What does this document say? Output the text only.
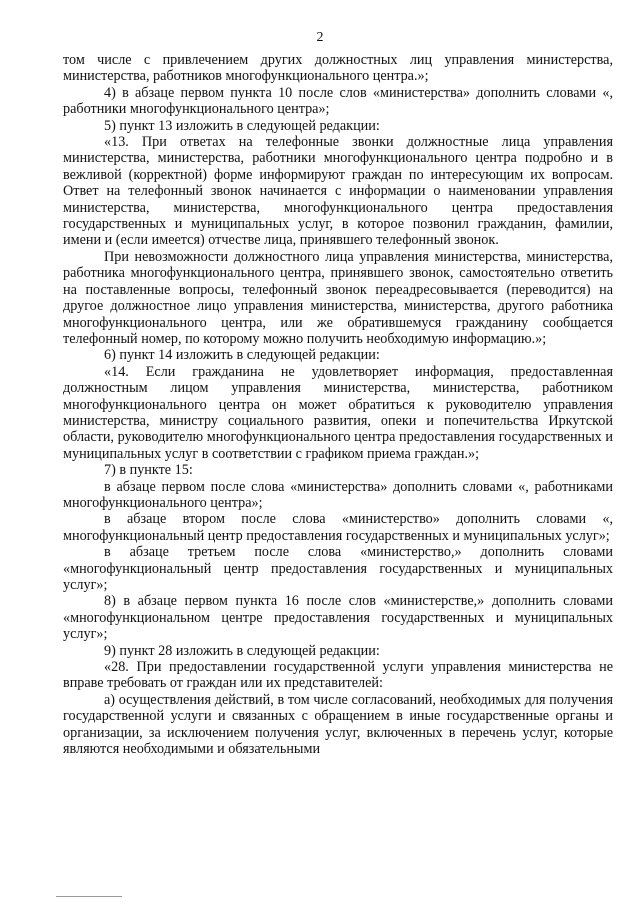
2

том числе с привлечением других должностных лиц управления министерства, министерства, работников многофункционального центра.»;

4) в абзаце первом пункта 10 после слов «министерства» дополнить словами «, работники многофункционального центра»;

5) пункт 13 изложить в следующей редакции:

«13. При ответах на телефонные звонки должностные лица управления министерства, министерства, работники многофункционального центра подробно и в вежливой (корректной) форме информируют граждан по интересующим их вопросам. Ответ на телефонный звонок начинается с информации о наименовании управления министерства, министерства, многофункционального центра предоставления государственных и муниципальных услуг, в которое позвонил гражданин, фамилии, имени и (если имеется) отчестве лица, принявшего телефонный звонок.

При невозможности должностного лица управления министерства, министерства, работника многофункционального центра, принявшего звонок, самостоятельно ответить на поставленные вопросы, телефонный звонок переадресовывается (переводится) на другое должностное лицо управления министерства, министерства, другого работника многофункционального центра, или же обратившемуся гражданину сообщается телефонный номер, по которому можно получить необходимую информацию.»;

6) пункт 14 изложить в следующей редакции:

«14. Если гражданина не удовлетворяет информация, предоставленная должностным лицом управления министерства, министерства, работником многофункционального центра он может обратиться к руководителю управления министерства, министру социального развития, опеки и попечительства Иркутской области, руководителю многофункционального центра предоставления государственных и муниципальных услуг в соответствии с графиком приема граждан.»;

7) в пункте 15:

в абзаце первом после слова «министерства» дополнить словами «, работниками многофункционального центра»;

в абзаце втором после слова «министерство» дополнить словами «, многофункциональный центр предоставления государственных и муниципальных услуг»;

в абзаце третьем после слова «министерство,» дополнить словами «многофункциональный центр предоставления государственных и муниципальных услуг»;

8) в абзаце первом пункта 16 после слов «министерстве,» дополнить словами «многофункциональном центре предоставления государственных и муниципальных услуг»;

9) пункт 28 изложить в следующей редакции:

«28. При предоставлении государственной услуги управления министерства не вправе требовать от граждан или их представителей:

а) осуществления действий, в том числе согласований, необходимых для получения государственной услуги и связанных с обращением в иные государственные органы и организации, за исключением получения услуг, включенных в перечень услуг, которые являются необходимыми и обязательными
